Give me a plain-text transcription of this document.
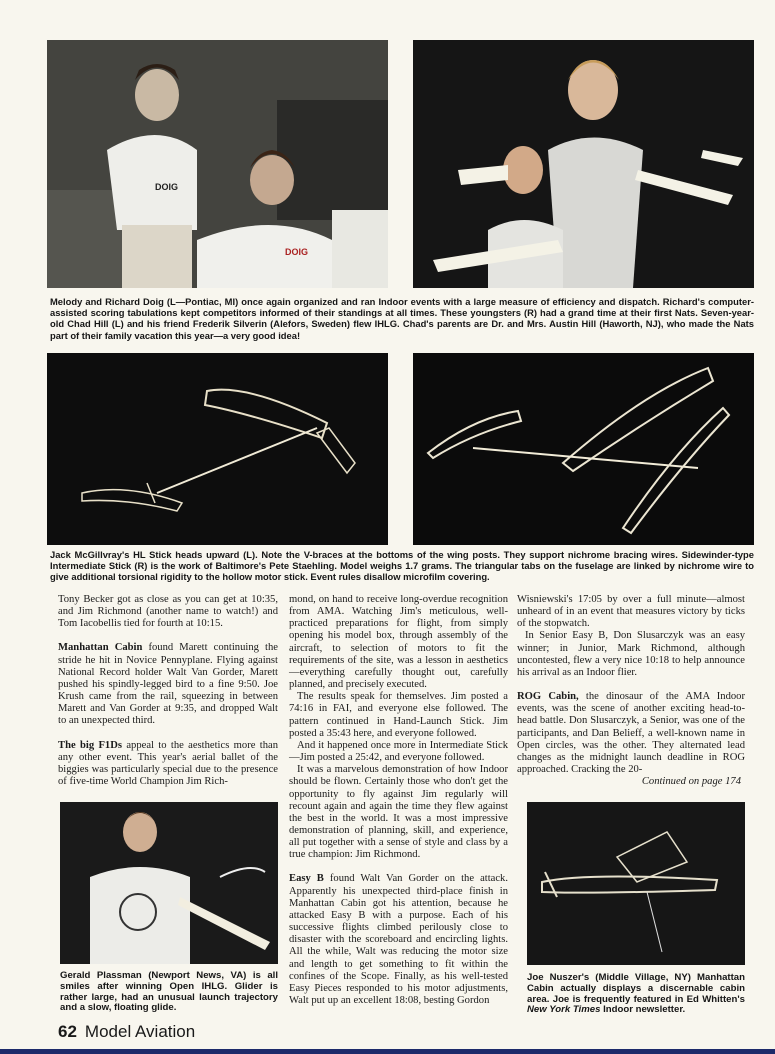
DOIG
DOIG
Melody and Richard Doig (L—Pontiac, MI) once again organized and ran Indoor events with a large measure of efficiency and dispatch. Richard's computer-assisted scoring tabulations kept competitors informed of their standings at all times. These youngsters (R) had a grand time at their first Nats. Seven-year-old Chad Hill (L) and his friend Frederik Silverin (Alefors, Sweden) flew IHLG. Chad's parents are Dr. and Mrs. Austin Hill (Haworth, NJ), who made the Nats part of their family vacation this year—a very good idea!
Jack McGillvray's HL Stick heads upward (L). Note the V-braces at the bottoms of the wing posts. They support nichrome bracing wires. Sidewinder-type Intermediate Stick (R) is the work of Baltimore's Pete Staehling. Model weighs 1.7 grams. The triangular tabs on the fuselage are linked by nichrome wire to give additional torsional rigidity to the hollow motor stick. Event rules disallow microfilm covering.

Tony Becker got as close as you can get at 10:35, and Jim Richmond (another name to watch!) and Tom Iacobellis tied for fourth at 10:15.

Manhattan Cabin found Marett continuing the stride he hit in Novice Pennyplane. Flying against National Record holder Walt Van Gorder, Marett pushed his spindly-legged bird to a fine 9:50. Joe Krush came from the rail, squeezing in between Marett and Van Gorder at 9:35, and dropped Walt to an unexpected third.

The big F1Ds appeal to the aesthetics more than any other event. This year's aerial ballet of the biggies was particularly special due to the presence of five-time World Champion Jim Rich-

Gerald Plassman (Newport News, VA) is all smiles after winning Open IHLG. Glider is rather large, had an unusual launch trajectory and a slow, floating glide.

mond, on hand to receive long-overdue recognition from AMA. Watching Jim's meticulous, well-practiced preparations for flight, from simply opening his model box, through assembly of the aircraft, to selection of motors to fit the requirements of the site, was a lesson in aesthetics—everything carefully thought out, carefully planned, and precisely executed.

The results speak for themselves. Jim posted a 74:16 in FAI, and everyone else followed. The pattern continued in Hand-Launch Stick. Jim posted a 35:43 here, and everyone followed.

And it happened once more in Intermediate Stick—Jim posted a 25:42, and everyone followed.

It was a marvelous demonstration of how Indoor should be flown. Certainly those who don't get the opportunity to fly against Jim regularly will recount again and again the time they flew against the best in the world. It was a most impressive demonstration of planning, skill, and experience, all put together with a sense of style and class by a true champion: Jim Richmond.

Easy B found Walt Van Gorder on the attack. Apparently his unexpected third-place finish in Manhattan Cabin got his attention, because he attacked Easy B with a purpose. Each of his successive flights climbed perilously close to disaster with the scoreboard and encircling lights. All the while, Walt was reducing the motor size and length to get something to fit within the confines of the Scope. Finally, as his well-tested Easy Pieces responded to his motor adjustments, Walt put up an excellent 18:08, besting Gordon

Wisniewski's 17:05 by over a full minute—almost unheard of in an event that measures victory by ticks of the stopwatch.

In Senior Easy B, Don Slusarczyk was an easy winner; in Junior, Mark Richmond, although uncontested, flew a very nice 10:18 to help announce his arrival as an Indoor flier.

ROG Cabin, the dinosaur of the AMA Indoor events, was the scene of another exciting head-to-head battle. Don Slusarczyk, a Senior, was one of the participants, and Dan Belieff, a well-known name in Open circles, was the other. They alternated lead changes as the midnight launch deadline in ROG approached. Cracking the 20-

Continued on page 174
Joe Nuszer's (Middle Village, NY) Manhattan Cabin actually displays a discernable cabin area. Joe is frequently featured in Ed Whitten's New York Times Indoor newsletter.
62 Model Aviation
